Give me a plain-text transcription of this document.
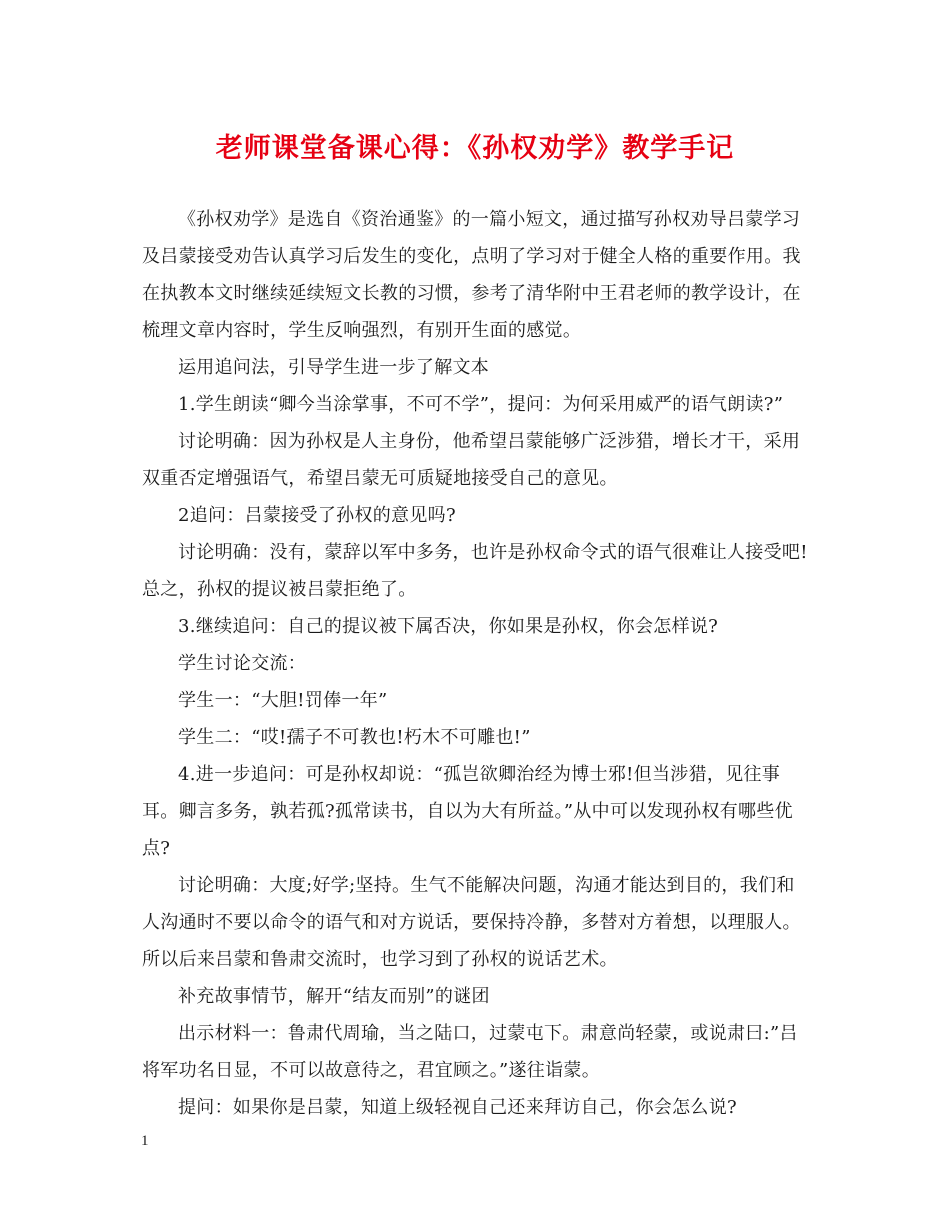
老师课堂备课心得：《孙权劝学》教学手记

《孙权劝学》是选自《资治通鉴》的一篇小短文，通过描写孙权劝导吕蒙学习及吕蒙接受劝告认真学习后发生的变化，点明了学习对于健全人格的重要作用。我在执教本文时继续延续短文长教的习惯，参考了清华附中王君老师的教学设计，在梳理文章内容时，学生反响强烈，有别开生面的感觉。

运用追问法，引导学生进一步了解文本

1.学生朗读“卿今当涂掌事，不可不学”，提问：为何采用威严的语气朗读?”

讨论明确：因为孙权是人主身份，他希望吕蒙能够广泛涉猎，增长才干，采用双重否定增强语气，希望吕蒙无可质疑地接受自己的意见。

2追问：吕蒙接受了孙权的意见吗?

讨论明确：没有，蒙辞以军中多务，也许是孙权命令式的语气很难让人接受吧!总之，孙权的提议被吕蒙拒绝了。

3.继续追问：自己的提议被下属否决，你如果是孙权，你会怎样说?

学生讨论交流：

学生一：“大胆!罚俸一年”

学生二：“哎!孺子不可教也!朽木不可雕也!”

4.进一步追问：可是孙权却说：“孤岂欲卿治经为博士邪!但当涉猎，见往事耳。卿言多务，孰若孤?孤常读书，自以为大有所益。”从中可以发现孙权有哪些优点?

讨论明确：大度;好学;坚持。生气不能解决问题，沟通才能达到目的，我们和人沟通时不要以命令的语气和对方说话，要保持冷静，多替对方着想，以理服人。所以后来吕蒙和鲁肃交流时，也学习到了孙权的说话艺术。

补充故事情节，解开“结友而别”的谜团

出示材料一：鲁肃代周瑜，当之陆口，过蒙屯下。肃意尚轻蒙，或说肃曰:”吕将军功名日显，不可以故意待之，君宜顾之。”遂往诣蒙。

提问：如果你是吕蒙，知道上级轻视自己还来拜访自己，你会怎么说?

1
